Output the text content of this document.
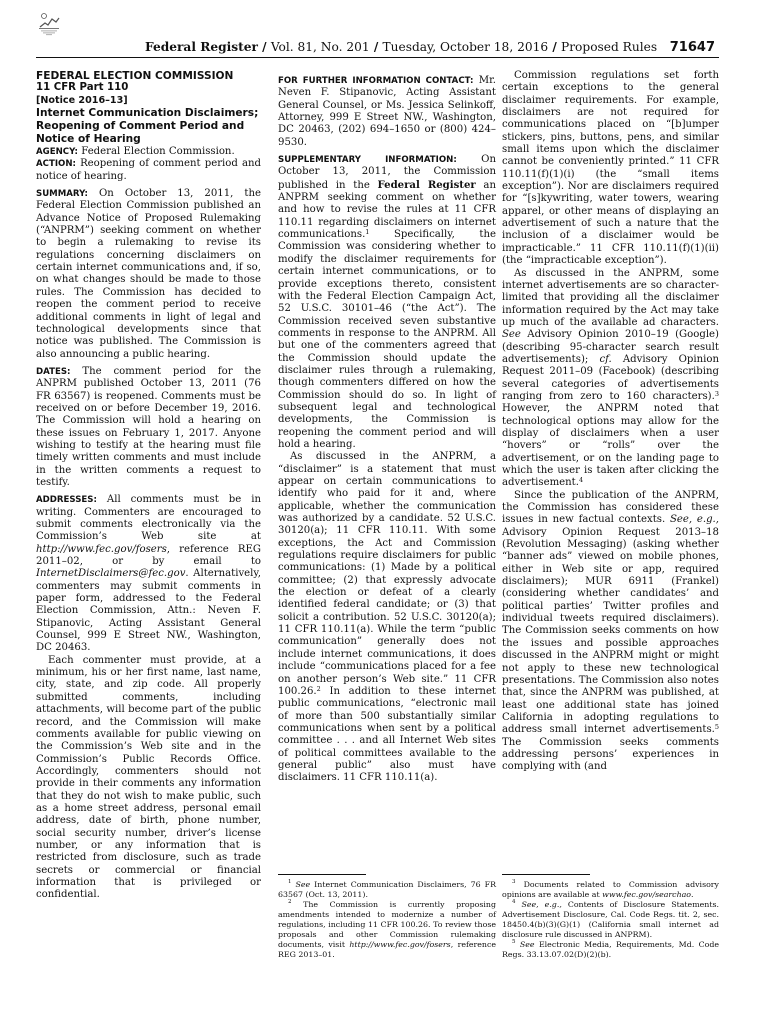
Federal Register / Vol. 81, No. 201 / Tuesday, October 18, 2016 / Proposed Rules 71647

FEDERAL ELECTION COMMISSION

11 CFR Part 110

[Notice 2016–13]

Internet Communication Disclaimers; Reopening of Comment Period and Notice of Hearing

AGENCY: Federal Election Commission.

ACTION: Reopening of comment period and notice of hearing.

SUMMARY: On October 13, 2011, the Federal Election Commission published an Advance Notice of Proposed Rulemaking (“ANPRM”) seeking comment on whether to begin a rulemaking to revise its regulations concerning disclaimers on certain internet communications and, if so, on what changes should be made to those rules. The Commission has decided to reopen the comment period to receive additional comments in light of legal and technological developments since that notice was published. The Commission is also announcing a public hearing.

DATES: The comment period for the ANPRM published October 13, 2011 (76 FR 63567) is reopened. Comments must be received on or before December 19, 2016. The Commission will hold a hearing on these issues on February 1, 2017. Anyone wishing to testify at the hearing must file timely written comments and must include in the written comments a request to testify.

ADDRESSES: All comments must be in writing. Commenters are encouraged to submit comments electronically via the Commission’s Web site at http://www.fec.gov/fosers, reference REG 2011–02, or by email to InternetDisclaimers@fec.gov. Alternatively, commenters may submit comments in paper form, addressed to the Federal Election Commission, Attn.: Neven F. Stipanovic, Acting Assistant General Counsel, 999 E Street NW., Washington, DC 20463.

Each commenter must provide, at a minimum, his or her first name, last name, city, state, and zip code. All properly submitted comments, including attachments, will become part of the public record, and the Commission will make comments available for public viewing on the Commission’s Web site and in the Commission’s Public Records Office. Accordingly, commenters should not provide in their comments any information that they do not wish to make public, such as a home street address, personal email address, date of birth, phone number, social security number, driver’s license number, or any information that is restricted from disclosure, such as trade secrets or commercial or financial information that is privileged or confidential.

FOR FURTHER INFORMATION CONTACT: Mr. Neven F. Stipanovic, Acting Assistant General Counsel, or Ms. Jessica Selinkoff, Attorney, 999 E Street NW., Washington, DC 20463, (202) 694–1650 or (800) 424–9530.

SUPPLEMENTARY INFORMATION: On October 13, 2011, the Commission published in the Federal Register an ANPRM seeking comment on whether and how to revise the rules at 11 CFR 110.11 regarding disclaimers on internet communications.$^1$ Specifically, the Commission was considering whether to modify the disclaimer requirements for certain internet communications, or to provide exceptions thereto, consistent with the Federal Election Campaign Act, 52 U.S.C. 30101–46 (“the Act”). The Commission received seven substantive comments in response to the ANPRM. All but one of the commenters agreed that the Commission should update the disclaimer rules through a rulemaking, though commenters differed on how the Commission should do so. In light of subsequent legal and technological developments, the Commission is reopening the comment period and will hold a hearing.

As discussed in the ANPRM, a “disclaimer” is a statement that must appear on certain communications to identify who paid for it and, where applicable, whether the communication was authorized by a candidate. 52 U.S.C. 30120(a); 11 CFR 110.11. With some exceptions, the Act and Commission regulations require disclaimers for public communications: (1) Made by a political committee; (2) that expressly advocate the election or defeat of a clearly identified federal candidate; or (3) that solicit a contribution. 52 U.S.C. 30120(a); 11 CFR 110.11(a). While the term “public communication” generally does not include internet communications, it does include “communications placed for a fee on another person’s Web site.” 11 CFR 100.26.$^2$ In addition to these internet public communications, “electronic mail of more than 500 substantially similar communications when sent by a political committee . . . and all Internet Web sites of political committees available to the general public” also must have disclaimers. 11 CFR 110.11(a).

Commission regulations set forth certain exceptions to the general disclaimer requirements. For example, disclaimers are not required for communications placed on “[b]umper stickers, pins, buttons, pens, and similar small items upon which the disclaimer cannot be conveniently printed.” 11 CFR 110.11(f)(1)(i) (the “small items exception”). Nor are disclaimers required for “[s]kywriting, water towers, wearing apparel, or other means of displaying an advertisement of such a nature that the inclusion of a disclaimer would be impracticable.” 11 CFR 110.11(f)(1)(ii) (the “impracticable exception”).

As discussed in the ANPRM, some internet advertisements are so character-limited that providing all the disclaimer information required by the Act may take up much of the available ad characters. See Advisory Opinion 2010–19 (Google) (describing 95-character search result advertisements); cf. Advisory Opinion Request 2011–09 (Facebook) (describing several categories of advertisements ranging from zero to 160 characters).$^3$ However, the ANPRM noted that technological options may allow for the display of disclaimers when a user “hovers” or “rolls” over the advertisement, or on the landing page to which the user is taken after clicking the advertisement.$^4$

Since the publication of the ANPRM, the Commission has considered these issues in new factual contexts. See, e.g., Advisory Opinion Request 2013–18 (Revolution Messaging) (asking whether “banner ads” viewed on mobile phones, either in Web site or app, required disclaimers); MUR 6911 (Frankel) (considering whether candidates’ and political parties’ Twitter profiles and individual tweets required disclaimers). The Commission seeks comments on how the issues and possible approaches discussed in the ANPRM might or might not apply to these new technological presentations. The Commission also notes that, since the ANPRM was published, at least one additional state has joined California in adopting regulations to address small internet advertisements.$^5$ The Commission seeks comments addressing persons’ experiences in complying with (and

$^1$ See Internet Communication Disclaimers, 76 FR 63567 (Oct. 13, 2011).

$^2$ The Commission is currently proposing amendments intended to modernize a number of regulations, including 11 CFR 100.26. To review those proposals and other Commission rulemaking documents, visit http://www.fec.gov/fosers, reference REG 2013–01.

$^3$ Documents related to Commission advisory opinions are available at www.fec.gov/searchao.

$^4$ See, e.g., Contents of Disclosure Statements. Advertisement Disclosure, Cal. Code Regs. tit. 2, sec. 18450.4(b)(3)(G)(1) (California small internet ad disclosure rule discussed in ANPRM).

$^5$ See Electronic Media, Requirements, Md. Code Regs. 33.13.07.02(D)(2)(b).
